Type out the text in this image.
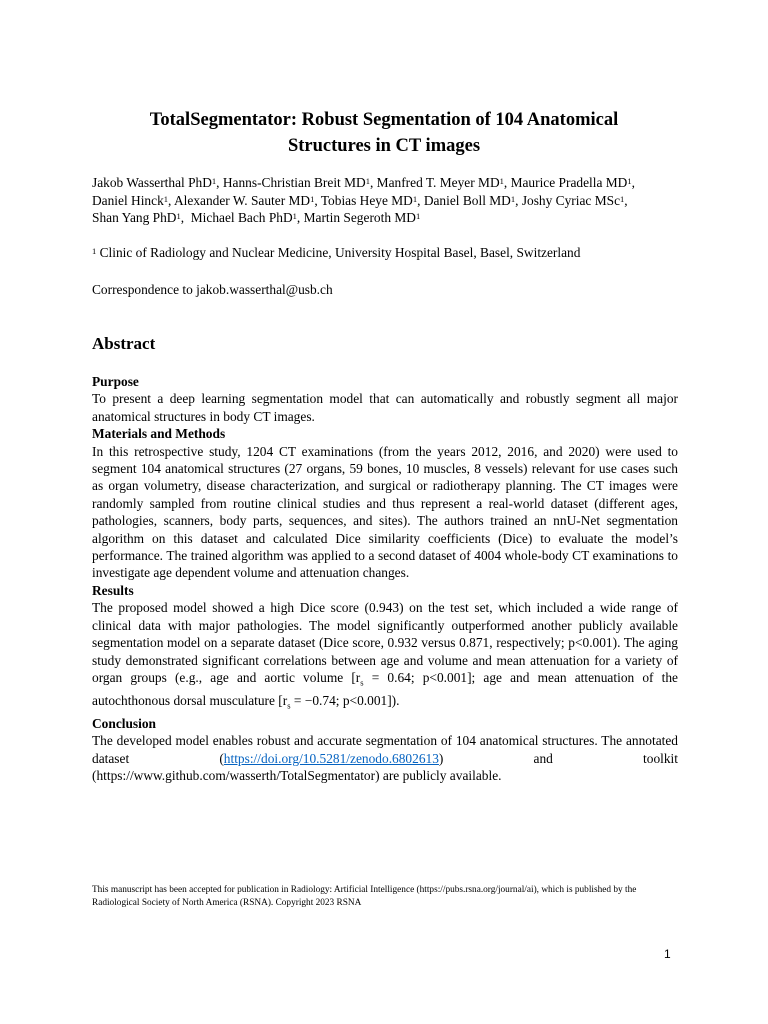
TotalSegmentator: Robust Segmentation of 104 Anatomical
Structures in CT images
Jakob Wasserthal PhD$^1$, Hanns-Christian Breit $MD^1$, Manfred T. Meyer $MD^1$, Maurice Pradella $MD^1$,
Daniel Hinck$^1$, Alexander W. Sauter $MD^1$, Tobias Heye $MD^1$, Daniel Boll $MD^1$, Joshy Cyriac MSc$^1$,
Shan Yang PhD$^1$,  Michael Bach PhD$^1$, Martin Segeroth $MD^1$
$^1$ Clinic of Radiology and Nuclear Medicine, University Hospital Basel, Basel, Switzerland
Correspondence to jakob.wasserthal@usb.ch
Abstract
Purpose

To present a deep learning segmentation model that can automatically and robustly segment all major anatomical structures in body CT images.

Materials and Methods

In this retrospective study, 1204 CT examinations (from the years 2012, 2016, and 2020) were used to segment 104 anatomical structures (27 organs, 59 bones, 10 muscles, 8 vessels) relevant for use cases such as organ volumetry, disease characterization, and surgical or radiotherapy planning. The CT images were randomly sampled from routine clinical studies and thus represent a real-world dataset (different ages, pathologies, scanners, body parts, sequences, and sites). The authors trained an nnU-Net segmentation algorithm on this dataset and calculated Dice similarity coefficients (Dice) to evaluate the model’s performance. The trained algorithm was applied to a second dataset of 4004 whole-body CT examinations to investigate age dependent volume and attenuation changes.

Results

The proposed model showed a high Dice score (0.943) on the test set, which included a wide range of clinical data with major pathologies. The model significantly outperformed another publicly available segmentation model on a separate dataset (Dice score, 0.932 versus 0.871, respectively; p<0.001). The aging study demonstrated significant correlations between age and volume and mean attenuation for a variety of organ groups (e.g., age and aortic volume [$r_s = 0.64$; p<0.001]; age and mean attenuation of the autochthonous dorsal musculature [$r_s = -0.74$; p<0.001]).

Conclusion

The developed model enables robust and accurate segmentation of 104 anatomical structures. The annotated dataset (https://doi.org/10.5281/zenodo.6802613) and toolkit (https://www.github.com/wasserth/TotalSegmentator) are publicly available.

This manuscript has been accepted for publication in Radiology: Artificial Intelligence (https://pubs.rsna.org/journal/ai), which is published by the Radiological Society of North America (RSNA). Copyright 2023 RSNA
1
